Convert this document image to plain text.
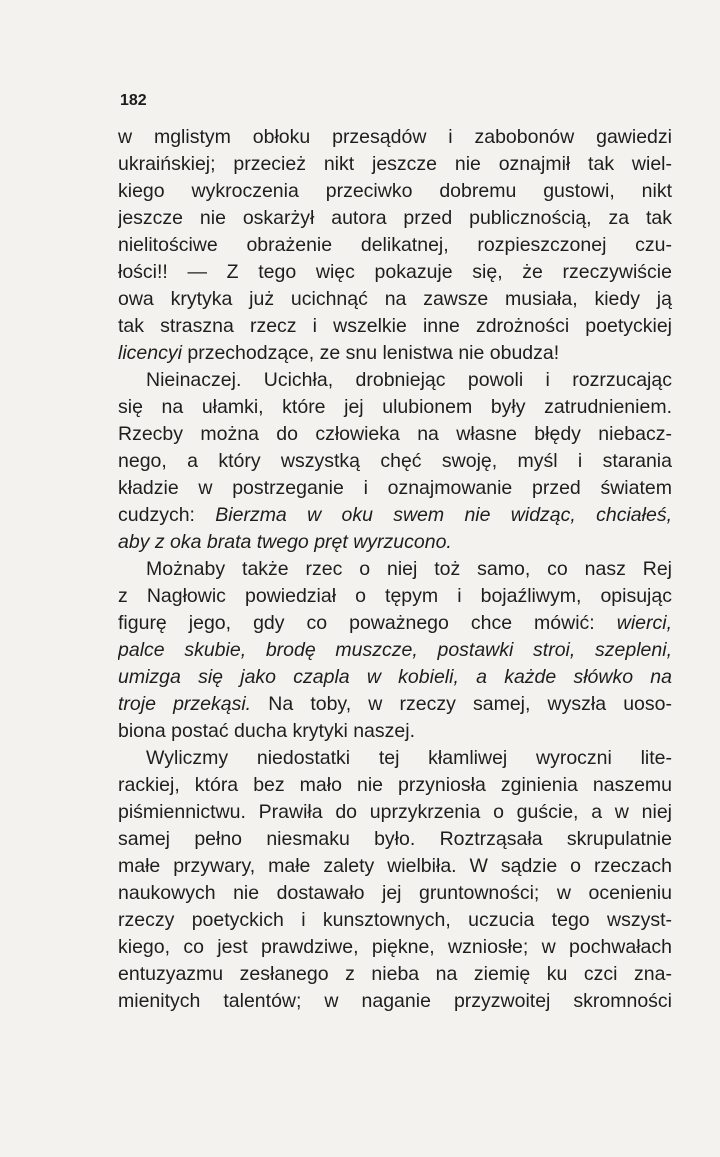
182
w mglistym obłoku przesądów i zabobonów gawiedzi
ukraińskiej; przecież nikt jeszcze nie oznajmił tak wiel-
kiego wykroczenia przeciwko dobremu gustowi, nikt
jeszcze nie oskarżył autora przed publicznością, za tak
nielitościwe obrażenie delikatnej, rozpieszczonej czu-
łości!! — Z tego więc pokazuje się, że rzeczywiście
owa krytyka już ucichnąć na zawsze musiała, kiedy ją
tak straszna rzecz i wszelkie inne zdrożności poetyckiej
licencyi przechodzące, ze snu lenistwa nie obudza!
Nieinaczej. Ucichła, drobniejąc powoli i rozrzucając
się na ułamki, które jej ulubionem były zatrudnieniem.
Rzecby można do człowieka na własne błędy niebacz-
nego, a który wszystką chęć swoję, myśl i starania
kładzie w postrzeganie i oznajmowanie przed światem
cudzych: Bierzma w oku swem nie widząc, chciałeś,
aby z oka brata twego pręt wyrzucono.
Możnaby także rzec o niej toż samo, co nasz Rej
z Nagłowic powiedział o tępym i bojaźliwym, opisując
figurę jego, gdy co poważnego chce mówić: wierci,
palce skubie, brodę muszcze, postawki stroi, szepleni,
umizga się jako czapla w kobieli, a każde słówko na
troje przekąsi. Na toby, w rzeczy samej, wyszła uoso-
biona postać ducha krytyki naszej.
Wyliczmy niedostatki tej kłamliwej wyroczni lite-
rackiej, która bez mało nie przyniosła zginienia naszemu
piśmiennictwu. Prawiła do uprzykrzenia o guście, a w niej
samej pełno niesmaku było. Roztrząsała skrupulatnie
małe przywary, małe zalety wielbiła. W sądzie o rzeczach
naukowych nie dostawało jej gruntowności; w ocenieniu
rzeczy poetyckich i kunsztownych, uczucia tego wszyst-
kiego, co jest prawdziwe, piękne, wzniosłe; w pochwałach
entuzyazmu zesłanego z nieba na ziemię ku czci zna-
mienitych talentów; w naganie przyzwoitej skromności
